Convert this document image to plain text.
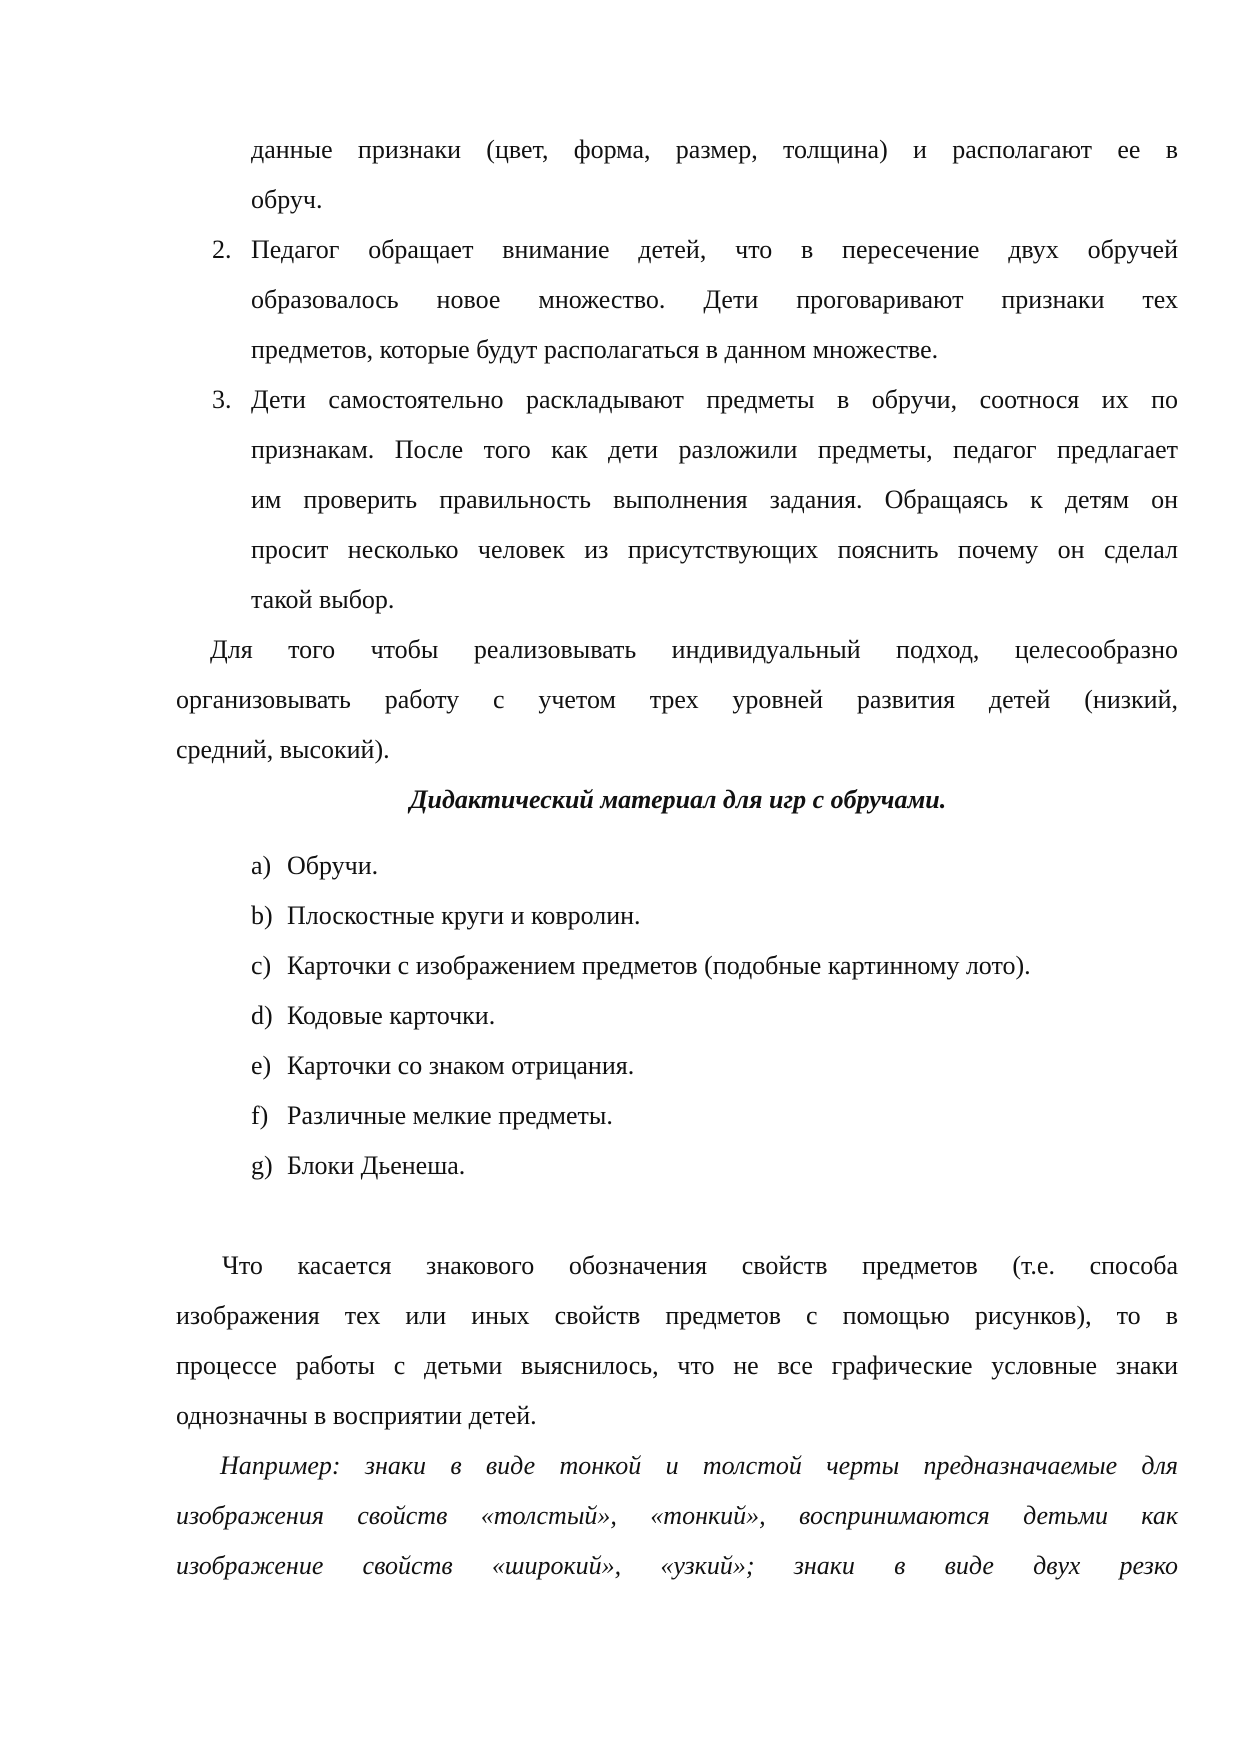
данные признаки (цвет, форма, размер, толщина) и располагают ее в
обруч.
2. Педагог обращает внимание детей, что в пересечение двух обручей
образовалось новое множество. Дети проговаривают признаки тех
предметов, которые будут располагаться в данном множестве.
3. Дети самостоятельно раскладывают предметы в обручи, соотнося их по
признакам. После того как дети разложили предметы, педагог предлагает
им проверить правильность выполнения задания. Обращаясь к детям он
просит несколько человек из присутствующих пояснить почему он сделал
такой выбор.
Для того чтобы реализовывать индивидуальный подход, целесообразно
организовывать работу с учетом трех уровней развития детей (низкий,
средний, высокий).
Дидактический материал для игр с обручами.
a) Обручи.
b) Плоскостные круги и ковролин.
c) Карточки с изображением предметов (подобные картинному лото).
d) Кодовые карточки.
e) Карточки со знаком отрицания.
f) Различные мелкие предметы.
g) Блоки Дьенеша.
Что касается знакового обозначения свойств предметов (т.е. способа
изображения тех или иных свойств предметов с помощью рисунков), то в
процессе работы с детьми выяснилось, что не все графические условные знаки
однозначны в восприятии детей.
Например: знаки в виде тонкой и толстой черты предназначаемые для
изображения свойств «толстый», «тонкий», воспринимаются детьми как
изображение свойств «широкий», «узкий»; знаки в виде двух резко
